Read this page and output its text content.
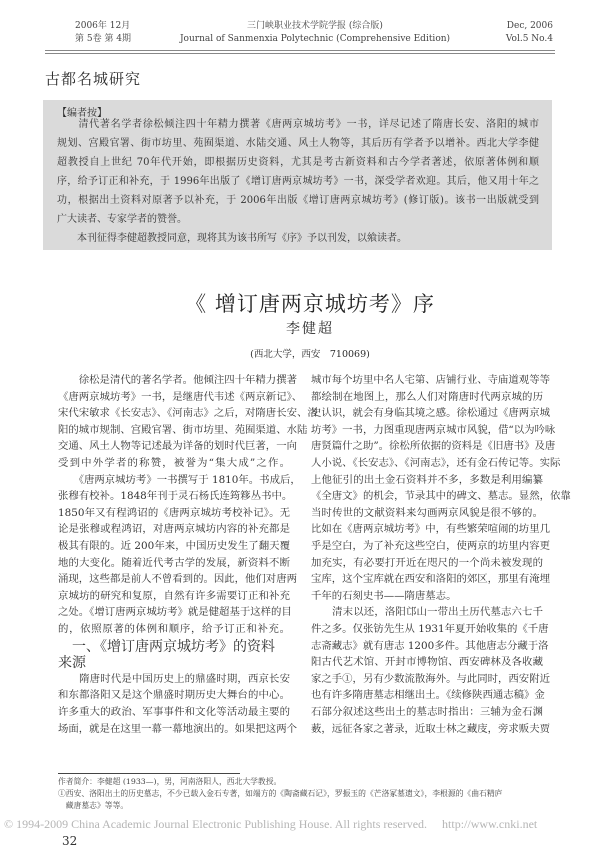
2006年 12月
第 5卷 第 4期
三门峡职业技术学院学报 (综合版)
Journal of Sanmenxia Polytechnic (Comprehensive Edition)
Dec, 2006
Vol.5 No.4
古都名城研究
【编者按】
　　清代著名学者徐松倾注四十年精力撰著《唐两京城坊考》一书，详尽记述了隋唐长安、洛阳的城市
规划、宫殿官署、街市坊里、苑囿渠道、水陆交通、风土人物等，其后历有学者予以增补。西北大学李健
超教授自上世纪 70年代开始，即根据历史资料，尤其是考古新资料和古今学者著述，依原著体例和顺
序，给予订正和补充，于 1996年出版了《增订唐两京城坊考》一书，深受学者欢迎。其后，他又用十年之
功，根据出土资料对原著予以补充，于 2006年出版《增订唐两京城坊考》(修订版)。该书一出版就受到
广大读者、专家学者的赞誉。
　　本刊征得李健超教授同意，现将其为该书所写《序》予以刊发，以飨读者。
《 增订唐两京城坊考》序
李健超
(西北大学，西安　710069)
　　徐松是清代的著名学者。他倾注四十年精力撰著
《唐两京城坊考》一书，是继唐代韦述《两京新记》、
宋代宋敏求《长安志》、《河南志》之后，对隋唐长安、洛
阳的城市规制、宫殿官署、街市坊里、苑囿渠道、水陆
交通、风土人物等记述最为详备的划时代巨著，一向
受到中外学者的称赞，被誉为“集大成”之作。
　　《唐两京城坊考》一书撰写于 1810年。书成后，
张穆有校补。1848年刊于灵石杨氏连筠簃丛书中。
1850年又有程鸿诏的《唐两京城坊考校补记》。无
论是张穆或程鸿诏，对唐两京城坊内容的补充都是
极其有限的。近 200年来，中国历史发生了翻天覆
地的大变化。随着近代考古学的发展，新资料不断
涌现，这些都是前人不曾看到的。因此，他们对唐两
京城坊的研究和复原，自然有许多需要订正和补充
之处。《增订唐两京城坊考》就是健超基于这样的目
的，依照原著的体例和顺序，给予订正和补充。
　一、《增订唐两京城坊考》的资料
来源
　　隋唐时代是中国历史上的鼎盛时期，西京长安
和东都洛阳又是这个鼎盛时期历史大舞台的中心。
许多重大的政治、军事事件和文化等活动最主要的
场面，就是在这里一幕一幕地演出的。如果把这两个
城市每个坊里中名人宅第、店铺行业、寺庙道观等等
都绘制在地图上，那么人们对隋唐时代两京城的历
史认识，就会有身临其境之感。徐松通过《唐两京城
坊考》一书，力图重现唐两京城市风貌，借“以为吟咏
唐贤篇什之助”。徐松所依据的资料是《旧唐书》及唐
人小说、《长安志》、《河南志》，还有金石传记等。实际
上他征引的出土金石资料并不多，多数是利用编纂
《全唐文》的机会，节录其中的碑文、墓志。显然，依靠
当时传世的文献资料来勾画两京风貌是很不够的。
比如在《唐两京城坊考》中，有些繁荣喧闹的坊里几
乎是空白，为了补充这些空白，使两京的坊里内容更
加充实，有必要打开近在咫尺的一个尚未被发现的
宝库，这个宝库就在西安和洛阳的郊区，那里有淹埋
千年的石刻史书——隋唐墓志。
　　清末以还，洛阳邙山一带出土历代墓志六七千
件之多。仅张钫先生从 1931年夏开始收集的《千唐
志斋藏志》就有唐志 1200多件。其他唐志分藏于洛
阳古代艺术馆、开封市博物馆、西安碑林及各收藏
家之手①，另有少数流散海外。与此同时，西安附近
也有许多隋唐墓志相继出土。《续修陕西通志稿》金
石部分叙述这些出土的墓志时指出：三辅为金石渊
薮，远征各家之著录，近取士林之藏庋，旁求贩夫贾
作者简介：李健超 (1933—)，男，河南洛阳人，西北大学教授。
①西安、洛阳出土的历史墓志，不少已载入金石专著，如端方的《陶斋藏石记》，罗振玉的《芒洛冢墓遗文》，李根源的《曲石精庐
　藏唐墓志》等等。
© 1994-2009 China Academic Journal Electronic Publishing House. All rights reserved.　 http://www.cnki.net
32
